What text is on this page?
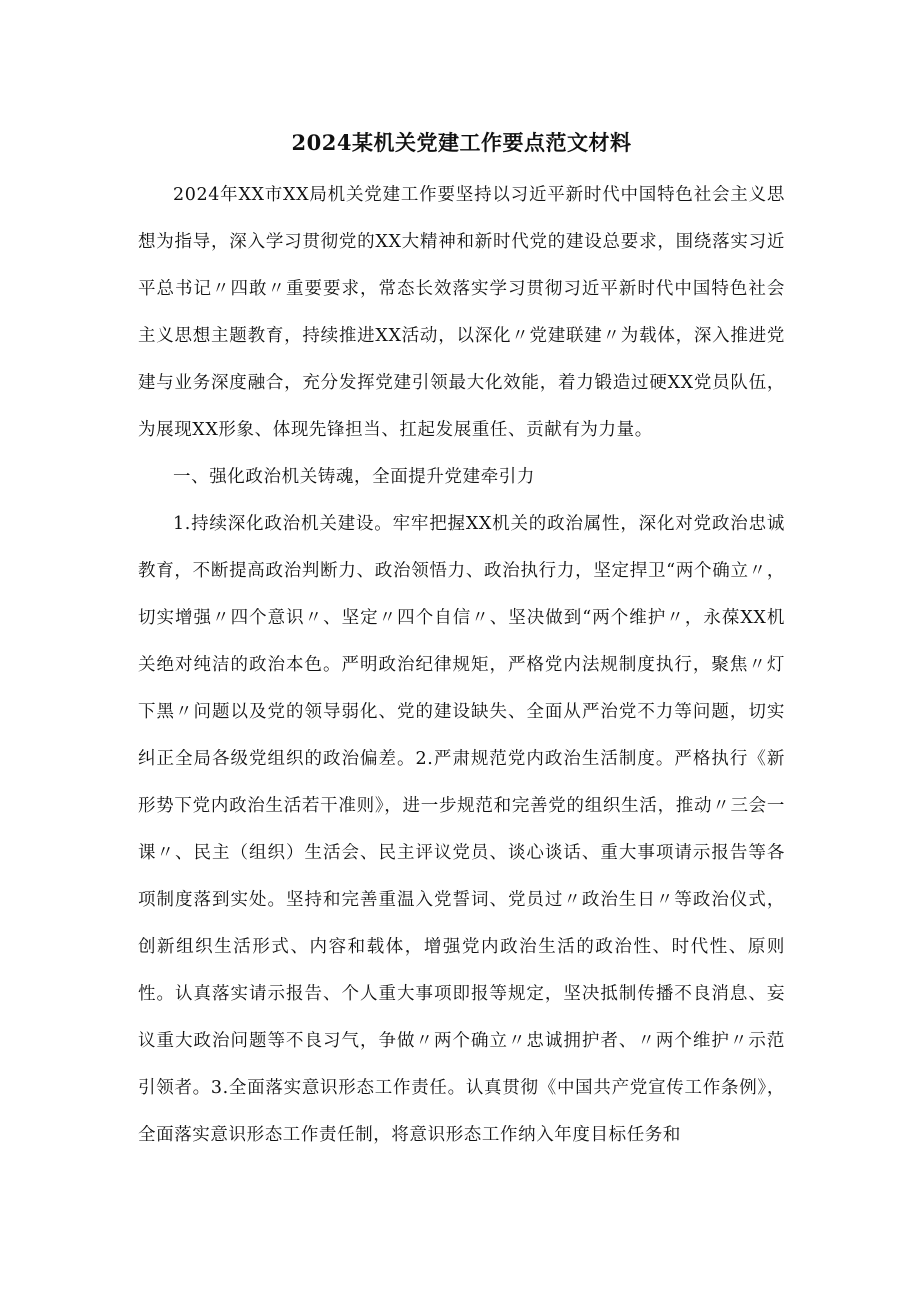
2024某机关党建工作要点范文材料

2024年XX市XX局机关党建工作要坚持以习近平新时代中国特色社会主义思想为指导，深入学习贯彻党的XX大精神和新时代党的建设总要求，围绕落实习近平总书记〃四敢〃重要要求，常态长效落实学习贯彻习近平新时代中国特色社会主义思想主题教育，持续推进XX活动，以深化〃党建联建〃为载体，深入推进党建与业务深度融合，充分发挥党建引领最大化效能，着力锻造过硬XX党员队伍，为展现XX形象、体现先锋担当、扛起发展重任、贡献有为力量。

一、强化政治机关铸魂，全面提升党建牵引力

1.持续深化政治机关建设。牢牢把握XX机关的政治属性，深化对党政治忠诚教育，不断提高政治判断力、政治领悟力、政治执行力，坚定捍卫“两个确立〃，切实增强〃四个意识〃、坚定〃四个自信〃、坚决做到“两个维护〃，永葆XX机关绝对纯洁的政治本色。严明政治纪律规矩，严格党内法规制度执行，聚焦〃灯下黑〃问题以及党的领导弱化、党的建设缺失、全面从严治党不力等问题，切实纠正全局各级党组织的政治偏差。2.严肃规范党内政治生活制度。严格执行《新形势下党内政治生活若干准则》，进一步规范和完善党的组织生活，推动〃三会一课〃、民主（组织）生活会、民主评议党员、谈心谈话、重大事项请示报告等各项制度落到实处。坚持和完善重温入党誓词、党员过〃政治生日〃等政治仪式，创新组织生活形式、内容和载体，增强党内政治生活的政治性、时代性、原则性。认真落实请示报告、个人重大事项即报等规定，坚决抵制传播不良消息、妄议重大政治问题等不良习气，争做〃两个确立〃忠诚拥护者、〃两个维护〃示范引领者。3.全面落实意识形态工作责任。认真贯彻《中国共产党宣传工作条例》，全面落实意识形态工作责任制，将意识形态工作纳入年度目标任务和
